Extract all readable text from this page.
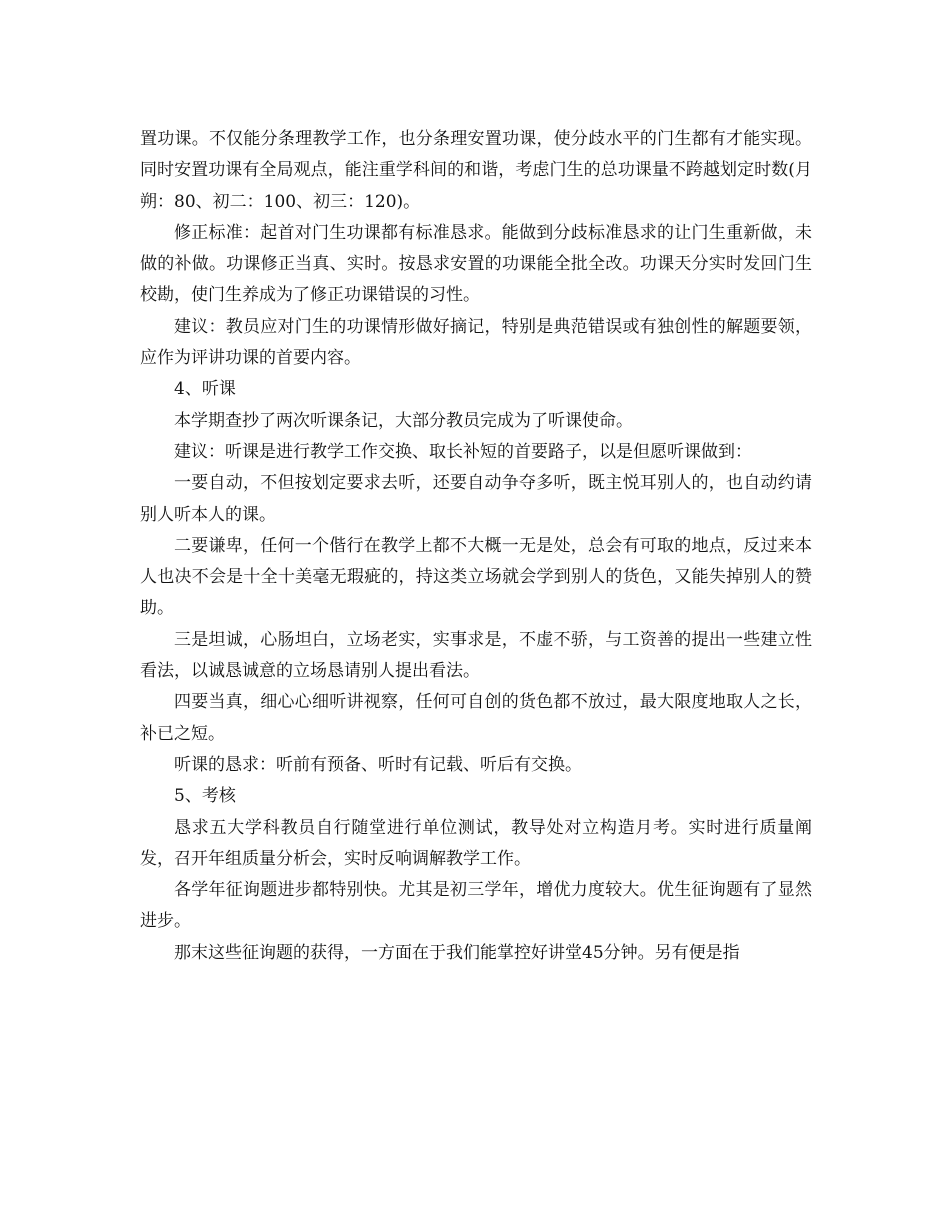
置功课。不仅能分条理教学工作，也分条理安置功课，使分歧水平的门生都有才能实现。同时安置功课有全局观点，能注重学科间的和谐，考虑门生的总功课量不跨越划定时数(月朔：80、初二：100、初三：120)。

修正标准：起首对门生功课都有标准恳求。能做到分歧标准恳求的让门生重新做，未做的补做。功课修正当真、实时。按恳求安置的功课能全批全改。功课天分实时发回门生校勘，使门生养成为了修正功课错误的习性。

建议：教员应对门生的功课情形做好摘记，特别是典范错误或有独创性的解题要领，应作为评讲功课的首要内容。

4、听课

本学期查抄了两次听课条记，大部分教员完成为了听课使命。

建议：听课是进行教学工作交换、取长补短的首要路子，以是但愿听课做到：

一要自动，不但按划定要求去听，还要自动争夺多听，既主悦耳别人的，也自动约请别人听本人的课。

二要谦卑，任何一个偕行在教学上都不大概一无是处，总会有可取的地点，反过来本人也决不会是十全十美毫无瑕疵的，持这类立场就会学到别人的货色，又能失掉别人的赞助。

三是坦诚，心肠坦白，立场老实，实事求是，不虚不骄，与工资善的提出一些建立性看法，以诚恳诚意的立场恳请别人提出看法。

四要当真，细心心细听讲视察，任何可自创的货色都不放过，最大限度地取人之长，补已之短。

听课的恳求：听前有预备、听时有记载、听后有交换。

5、考核

恳求五大学科教员自行随堂进行单位测试，教导处对立构造月考。实时进行质量阐发，召开年组质量分析会，实时反响调解教学工作。

各学年征询题进步都特别快。尤其是初三学年，增优力度较大。优生征询题有了显然进步。

那末这些征询题的获得，一方面在于我们能掌控好讲堂45分钟。另有便是指
